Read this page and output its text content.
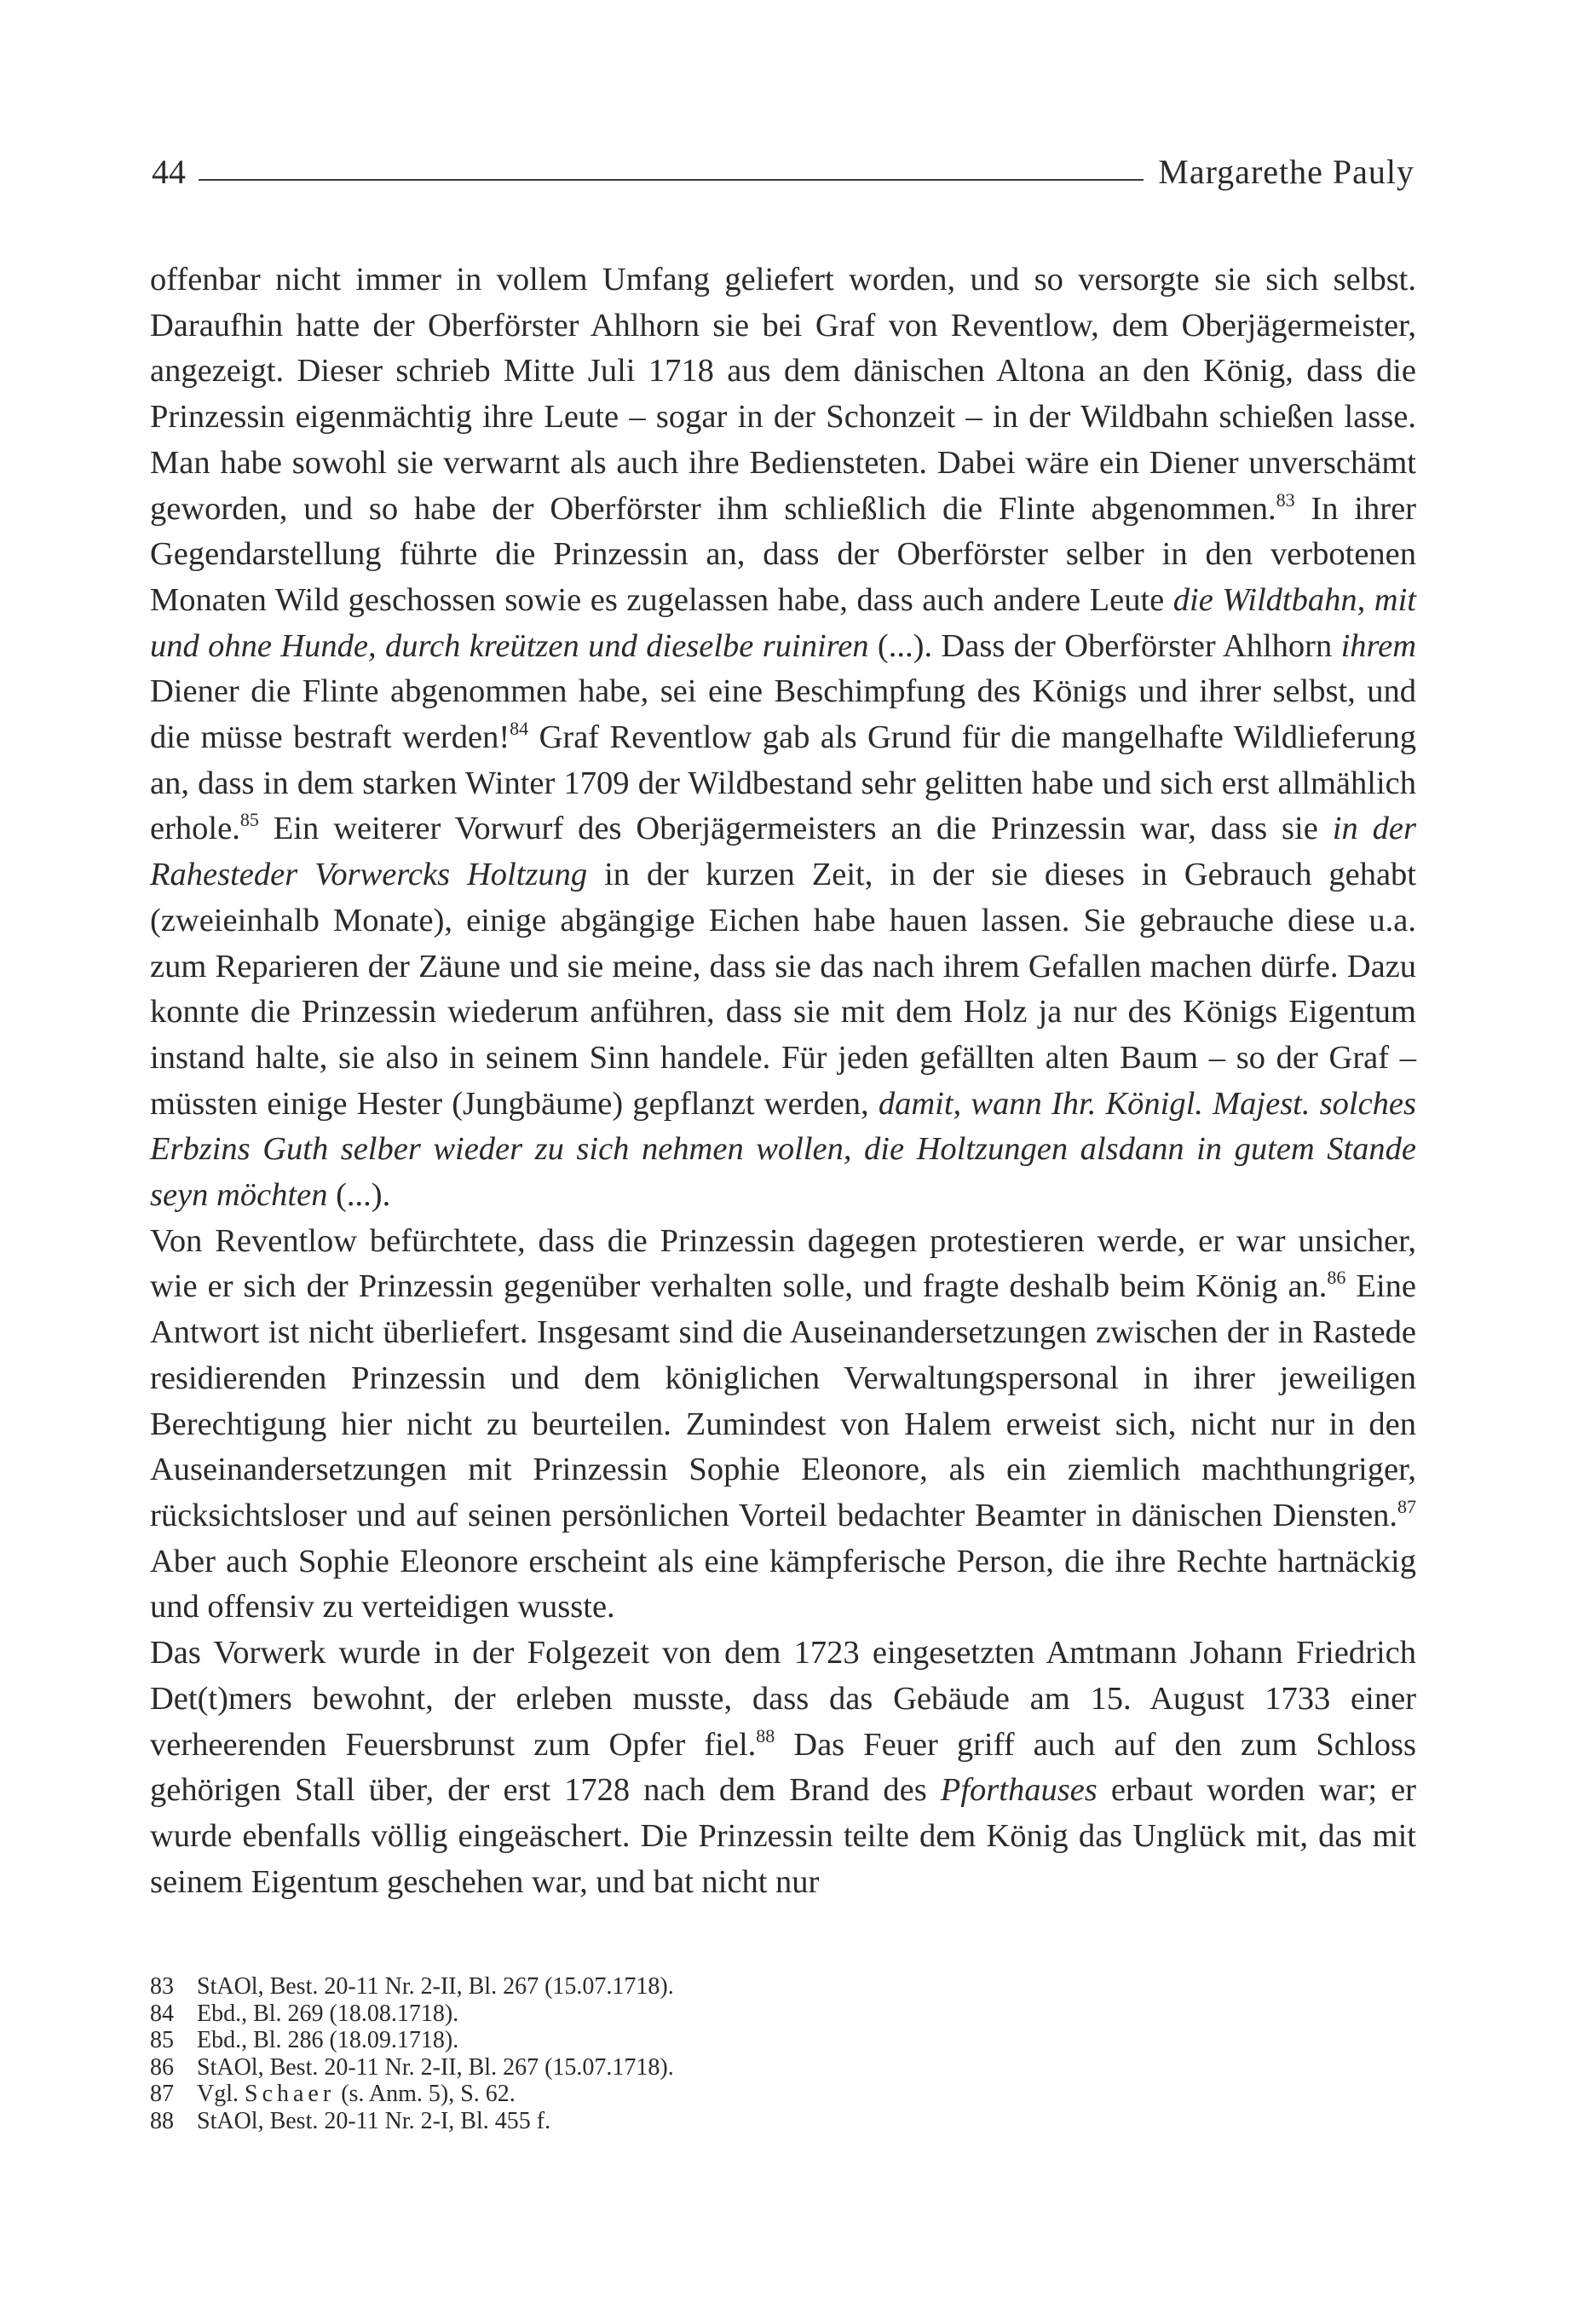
44	Margarethe Pauly

offenbar nicht immer in vollem Umfang geliefert worden, und so versorgte sie sich selbst. Daraufhin hatte der Oberförster Ahlhorn sie bei Graf von Reventlow, dem Oberjägermeister, angezeigt. Dieser schrieb Mitte Juli 1718 aus dem dänischen Altona an den König, dass die Prinzessin eigenmächtig ihre Leute – sogar in der Schonzeit – in der Wildbahn schießen lasse. Man habe sowohl sie verwarnt als auch ihre Bediensteten. Dabei wäre ein Diener unverschämt geworden, und so habe der Oberförster ihm schließlich die Flinte abgenommen.$^{83}$ In ihrer Gegendarstellung führte die Prinzessin an, dass der Oberförster selber in den verbotenen Monaten Wild geschossen sowie es zugelassen habe, dass auch andere Leute die Wildtbahn, mit und ohne Hunde, durch kreützen und dieselbe ruiniren (...). Dass der Oberförster Ahlhorn ihrem Diener die Flinte abgenommen habe, sei eine Beschimpfung des Königs und ihrer selbst, und die müsse bestraft werden!$^{84}$ Graf Reventlow gab als Grund für die mangelhafte Wildlieferung an, dass in dem starken Winter 1709 der Wildbestand sehr gelitten habe und sich erst allmählich erhole.$^{85}$ Ein weiterer Vorwurf des Oberjägermeisters an die Prinzessin war, dass sie in der Rahesteder Vorwercks Holtzung in der kurzen Zeit, in der sie dieses in Gebrauch gehabt (zweieinhalb Monate), einige abgängige Eichen habe hauen lassen. Sie gebrauche diese u.a. zum Reparieren der Zäune und sie meine, dass sie das nach ihrem Gefallen machen dürfe. Dazu konnte die Prinzessin wiederum anführen, dass sie mit dem Holz ja nur des Königs Eigentum instand halte, sie also in seinem Sinn handele. Für jeden gefällten alten Baum – so der Graf – müssten einige Hester (Jungbäume) gepflanzt werden, damit, wann Ihr. Königl. Majest. solches Erbzins Guth selber wieder zu sich nehmen wollen, die Holtzungen alsdann in gutem Stande seyn möchten (...).

Von Reventlow befürchtete, dass die Prinzessin dagegen protestieren werde, er war unsicher, wie er sich der Prinzessin gegenüber verhalten solle, und fragte deshalb beim König an.$^{86}$ Eine Antwort ist nicht überliefert. Insgesamt sind die Auseinandersetzungen zwischen der in Rastede residierenden Prinzessin und dem königlichen Verwaltungspersonal in ihrer jeweiligen Berechtigung hier nicht zu beurteilen. Zumindest von Halem erweist sich, nicht nur in den Auseinandersetzungen mit Prinzessin Sophie Eleonore, als ein ziemlich machthungriger, rücksichtsloser und auf seinen persönlichen Vorteil bedachter Beamter in dänischen Diensten.$^{87}$ Aber auch Sophie Eleonore erscheint als eine kämpferische Person, die ihre Rechte hartnäckig und offensiv zu verteidigen wusste.

Das Vorwerk wurde in der Folgezeit von dem 1723 eingesetzten Amtmann Johann Friedrich Det(t)mers bewohnt, der erleben musste, dass das Gebäude am 15. August 1733 einer verheerenden Feuersbrunst zum Opfer fiel.$^{88}$ Das Feuer griff auch auf den zum Schloss gehörigen Stall über, der erst 1728 nach dem Brand des Pforthauses erbaut worden war; er wurde ebenfalls völlig eingeäschert. Die Prinzessin teilte dem König das Unglück mit, das mit seinem Eigentum geschehen war, und bat nicht nur

83 StAOl, Best. 20-11 Nr. 2-II, Bl. 267 (15.07.1718).
84 Ebd., Bl. 269 (18.08.1718).
85 Ebd., Bl. 286 (18.09.1718).
86 StAOl, Best. 20-11 Nr. 2-II, Bl. 267 (15.07.1718).
87 Vgl. Schaer (s. Anm. 5), S. 62.
88 StAOl, Best. 20-11 Nr. 2-I, Bl. 455 f.
